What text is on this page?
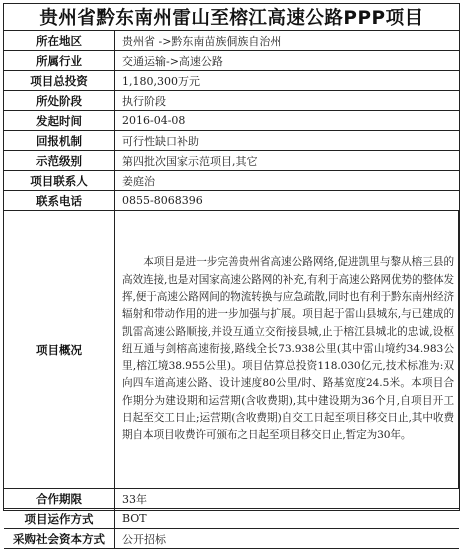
贵州省黔东南州雷山至榕江高速公路PPP项目
所在地区	贵州省 ->黔东南苗族侗族自治州
所属行业	交通运输->高速公路
项目总投资	1,180,300万元
所处阶段	执行阶段
发起时间	2016-04-08
回报机制	可行性缺口补助
示范级别	第四批次国家示范项目,其它
项目联系人	姜庭治
联系电话	0855-8068396
项目概况	本项目是进一步完善贵州省高速公路网络,促进凯里与黎从榕三县的高效连接,也是对国家高速公路网的补充,有利于高速公路网优势的整体发挥,便于高速公路网间的物流转换与应急疏散,同时也有利于黔东南州经济辐射和带动作用的进一步加强与扩展。项目起于雷山县城东,与已建成的凯雷高速公路顺接,并设互通立交衔接县城,止于榕江县城北的忠诚,设枢纽互通与剑榕高速衔接,路线全长73.938公里(其中雷山境约34.983公里,榕江境38.955公里)。项目估算总投资118.030亿元,技术标准为:双向四车道高速公路、设计速度80公里/时、路基宽度24.5米。本项目合作期分为建设期和运营期(含收费期),其中建设期为36个月,自项目开工日起至交工日止;运营期(含收费期)自交工日起至项目移交日止,其中收费期自本项目收费许可颁布之日起至项目移交日止,暂定为30年。
合作期限	33年
项目运作方式	BOT
采购社会资本方式	公开招标
